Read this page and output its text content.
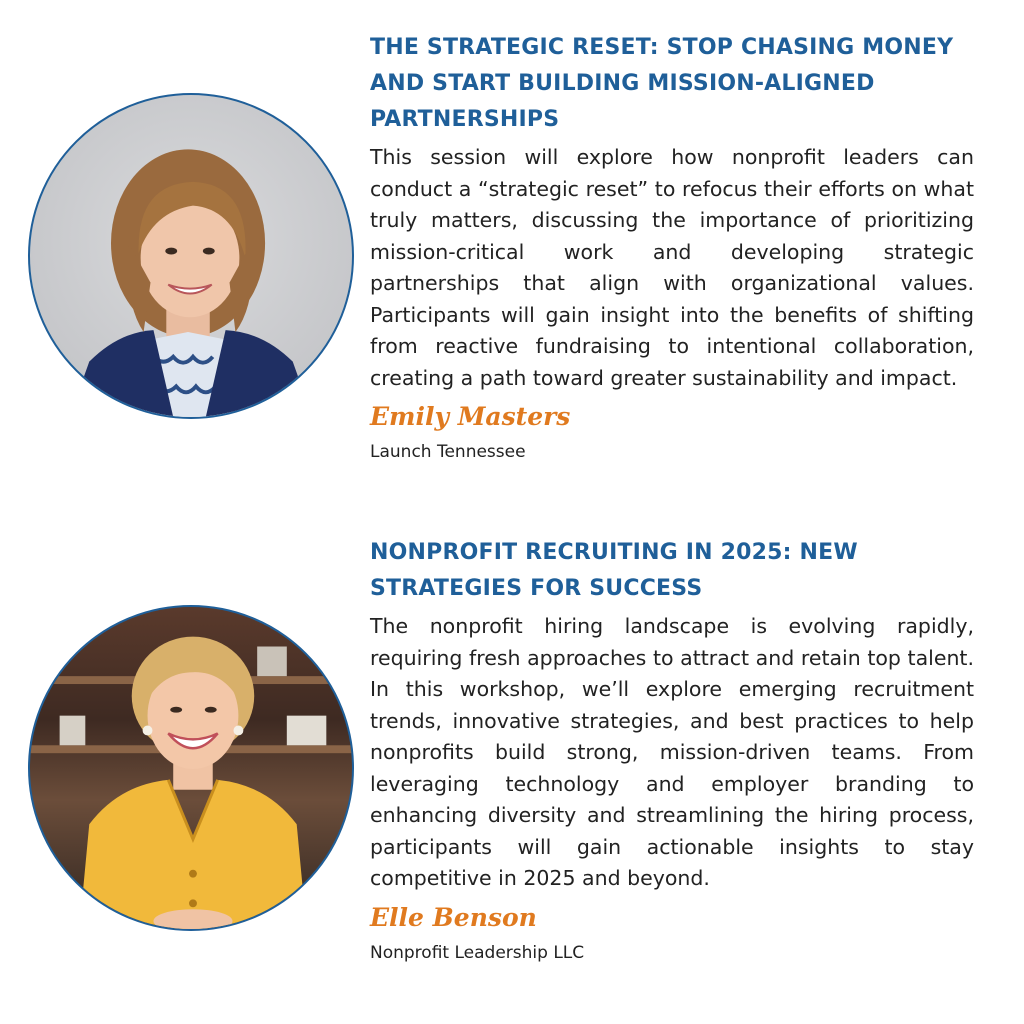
THE STRATEGIC RESET: STOP CHASING MONEY AND START BUILDING MISSION-ALIGNED PARTNERSHIPS

This session will explore how nonprofit leaders can conduct a “strategic reset” to refocus their efforts on what truly matters, discussing the importance of prioritizing mission-critical work and developing strategic partnerships that align with organizational values. Participants will gain insight into the benefits of shifting from reactive fundraising to intentional collaboration, creating a path toward greater sustainability and impact.

Emily Masters
Launch Tennessee
NONPROFIT RECRUITING IN 2025: NEW STRATEGIES FOR SUCCESS

The nonprofit hiring landscape is evolving rapidly, requiring fresh approaches to attract and retain top talent. In this workshop, we’ll explore emerging recruitment trends, innovative strategies, and best practices to help nonprofits build strong, mission-driven teams. From leveraging technology and employer branding to enhancing diversity and streamlining the hiring process, participants will gain actionable insights to stay competitive in 2025 and beyond.

Elle Benson
Nonprofit Leadership LLC
